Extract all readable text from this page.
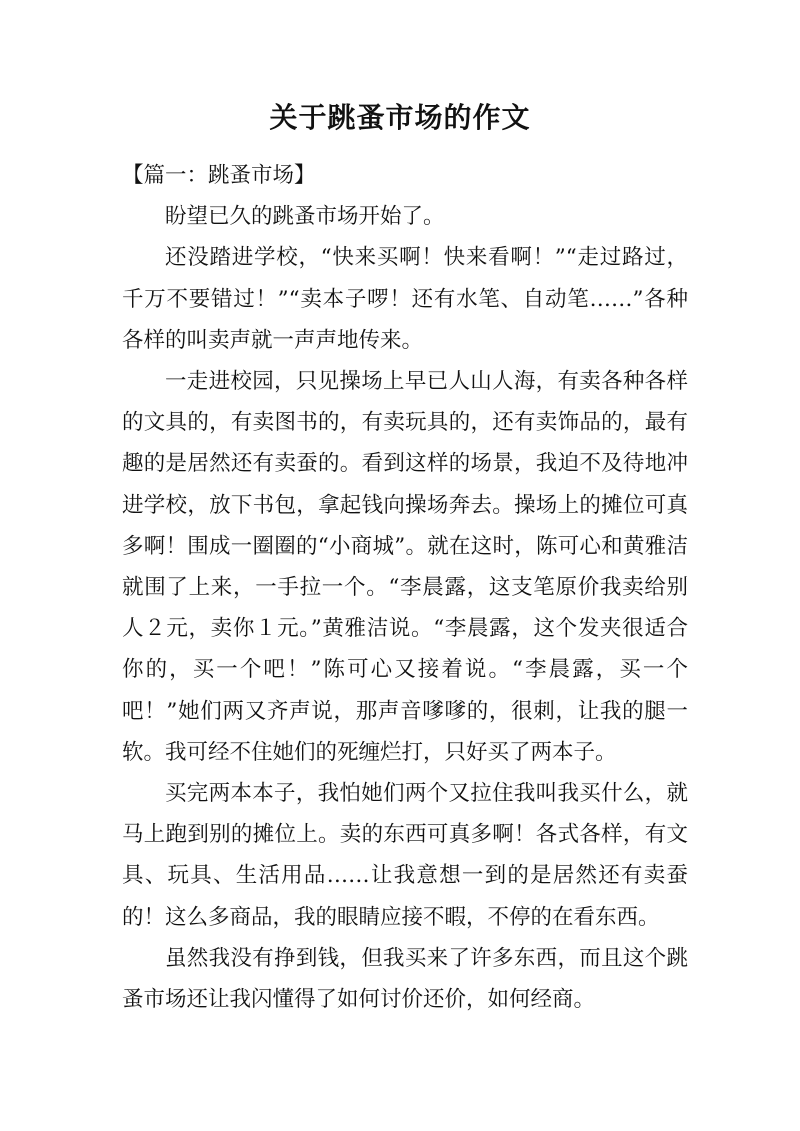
关于跳蚤市场的作文

【篇一：跳蚤市场】

盼望已久的跳蚤市场开始了。

还没踏进学校，“快来买啊！快来看啊！”“走过路过，千万不要错过！”“卖本子啰！还有水笔、自动笔……”各种各样的叫卖声就一声声地传来。

一走进校园，只见操场上早已人山人海，有卖各种各样的文具的，有卖图书的，有卖玩具的，还有卖饰品的，最有趣的是居然还有卖蚕的。看到这样的场景，我迫不及待地冲进学校，放下书包，拿起钱向操场奔去。操场上的摊位可真多啊！围成一圈圈的“小商城”。就在这时，陈可心和黄雅洁就围了上来，一手拉一个。“李晨露，这支笔原价我卖给别人２元，卖你１元。”黄雅洁说。“李晨露，这个发夹很适合你的，买一个吧！”陈可心又接着说。“李晨露，买一个吧！”她们两又齐声说，那声音嗲嗲的，很刺，让我的腿一软。我可经不住她们的死缠烂打，只好买了两本子。

买完两本本子，我怕她们两个又拉住我叫我买什么，就马上跑到别的摊位上。卖的东西可真多啊！各式各样，有文具、玩具、生活用品……让我意想一到的是居然还有卖蚕的！这么多商品，我的眼睛应接不暇，不停的在看东西。

虽然我没有挣到钱，但我买来了许多东西，而且这个跳蚤市场还让我闪懂得了如何讨价还价，如何经商。
